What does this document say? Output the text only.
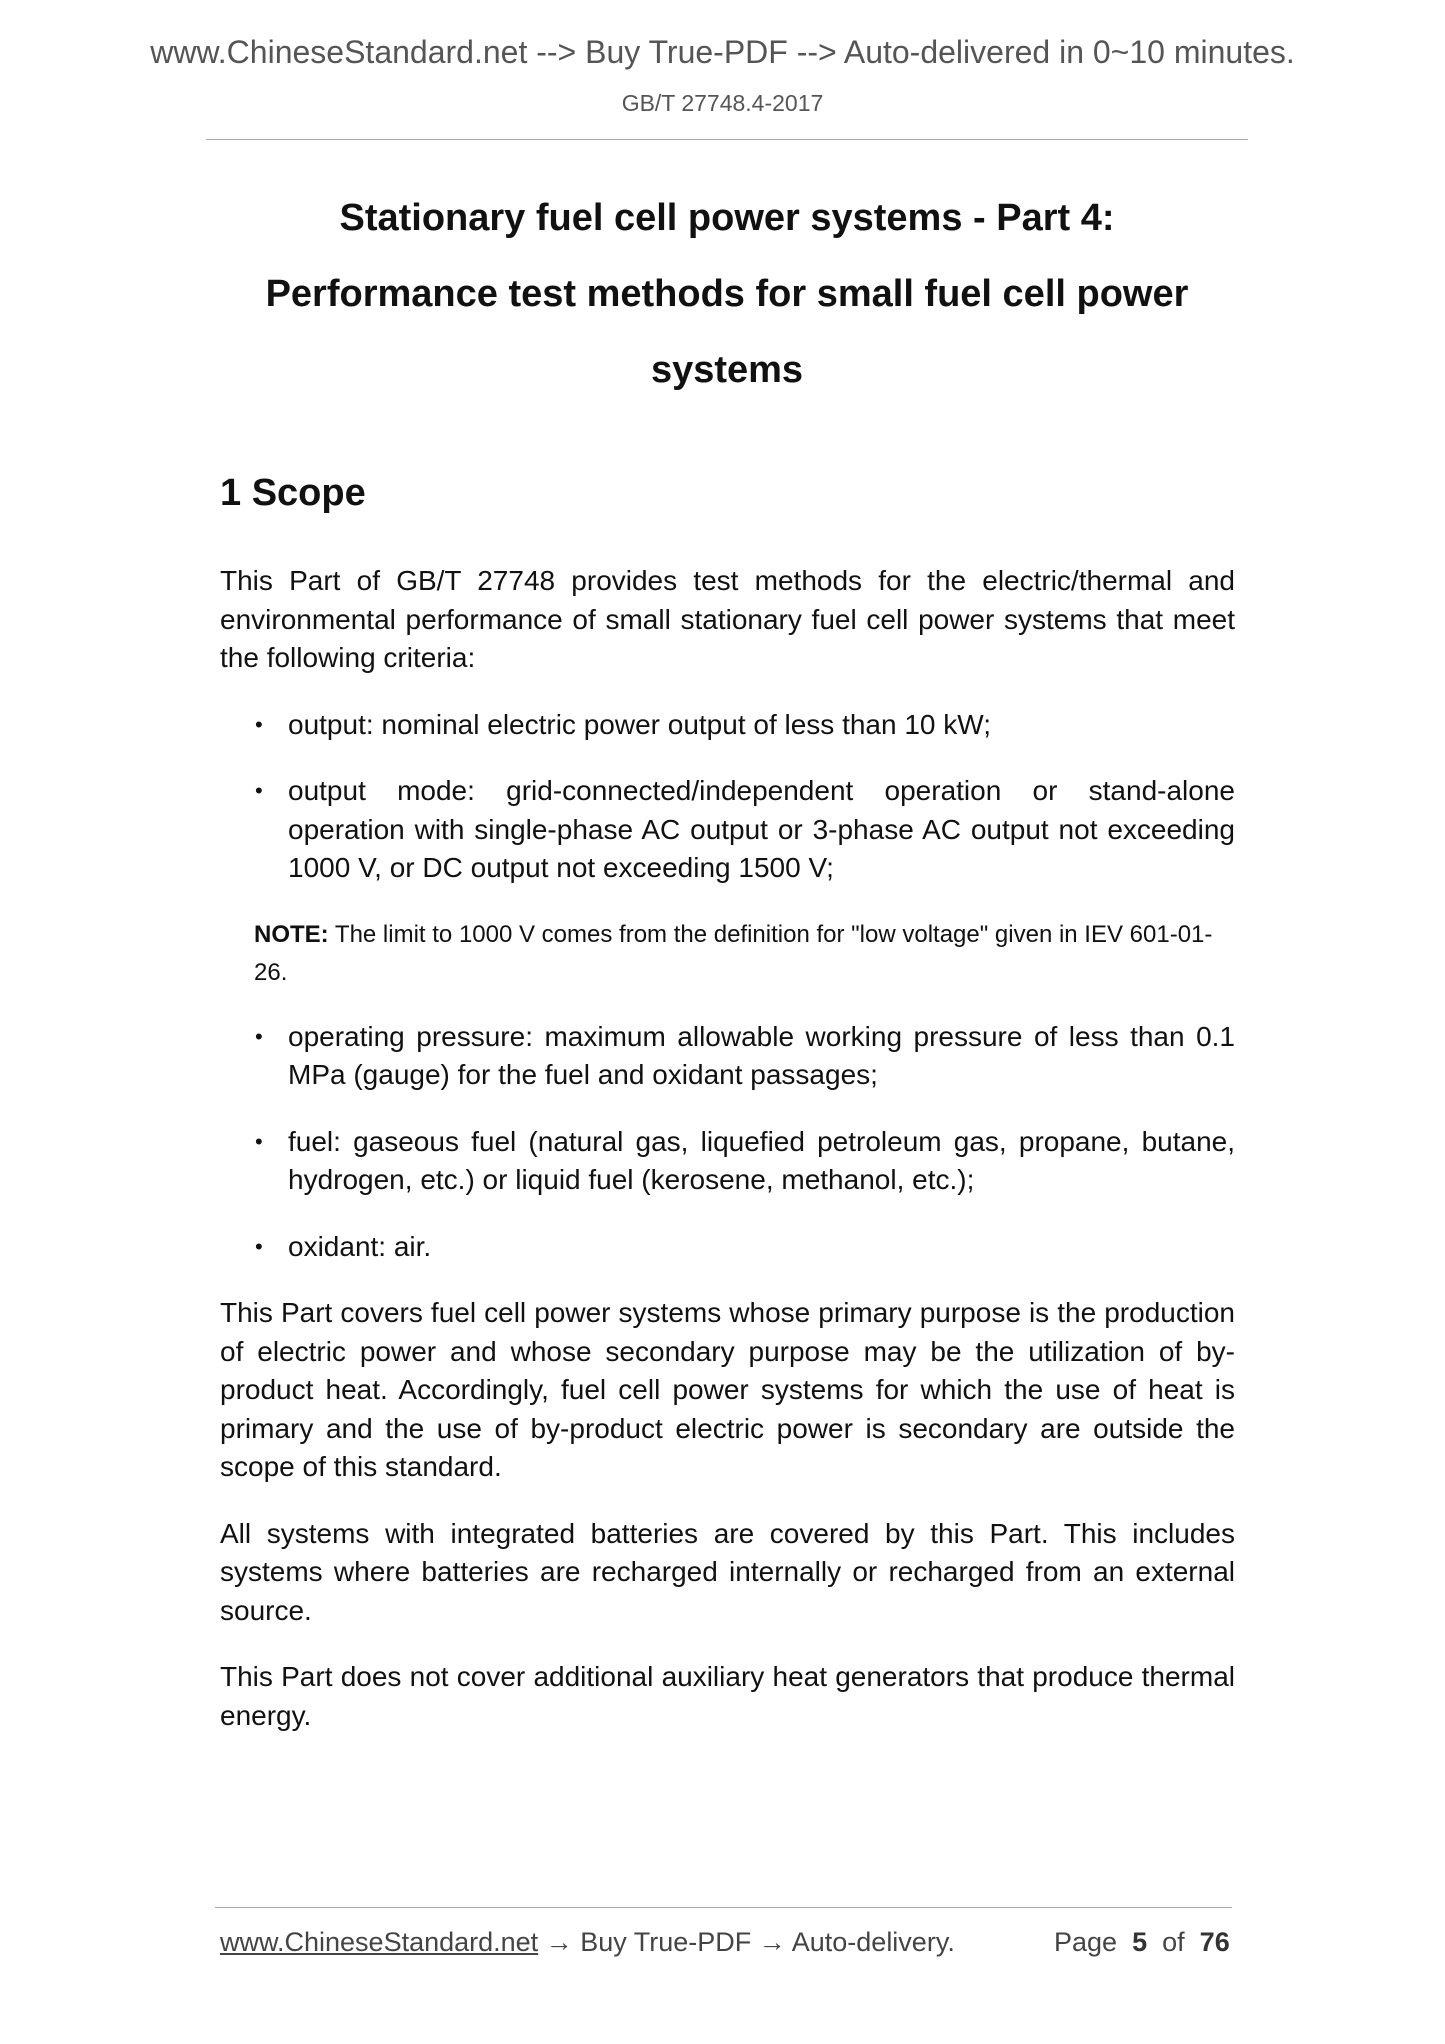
www.ChineseStandard.net --> Buy True-PDF --> Auto-delivered in 0~10 minutes.
GB/T 27748.4-2017
Stationary fuel cell power systems - Part 4:
Performance test methods for small fuel cell power
systems
1 Scope

This Part of GB/T 27748 provides test methods for the electric/thermal and environmental performance of small stationary fuel cell power systems that meet the following criteria:

• output: nominal electric power output of less than 10 kW;
• output mode: grid-connected/independent operation or stand-alone operation with single-phase AC output or 3-phase AC output not exceeding 1000 V, or DC output not exceeding 1500 V;

NOTE: The limit to 1000 V comes from the definition for "low voltage" given in IEV 601-01-26.

• operating pressure: maximum allowable working pressure of less than 0.1 MPa (gauge) for the fuel and oxidant passages;
• fuel: gaseous fuel (natural gas, liquefied petroleum gas, propane, butane, hydrogen, etc.) or liquid fuel (kerosene, methanol, etc.);
• oxidant: air.

This Part covers fuel cell power systems whose primary purpose is the production of electric power and whose secondary purpose may be the utilization of by-product heat. Accordingly, fuel cell power systems for which the use of heat is primary and the use of by-product electric power is secondary are outside the scope of this standard.

All systems with integrated batteries are covered by this Part. This includes systems where batteries are recharged internally or recharged from an external source.

This Part does not cover additional auxiliary heat generators that produce thermal energy.

www.ChineseStandard.net → Buy True-PDF → Auto-delivery.	Page 5 of 76
